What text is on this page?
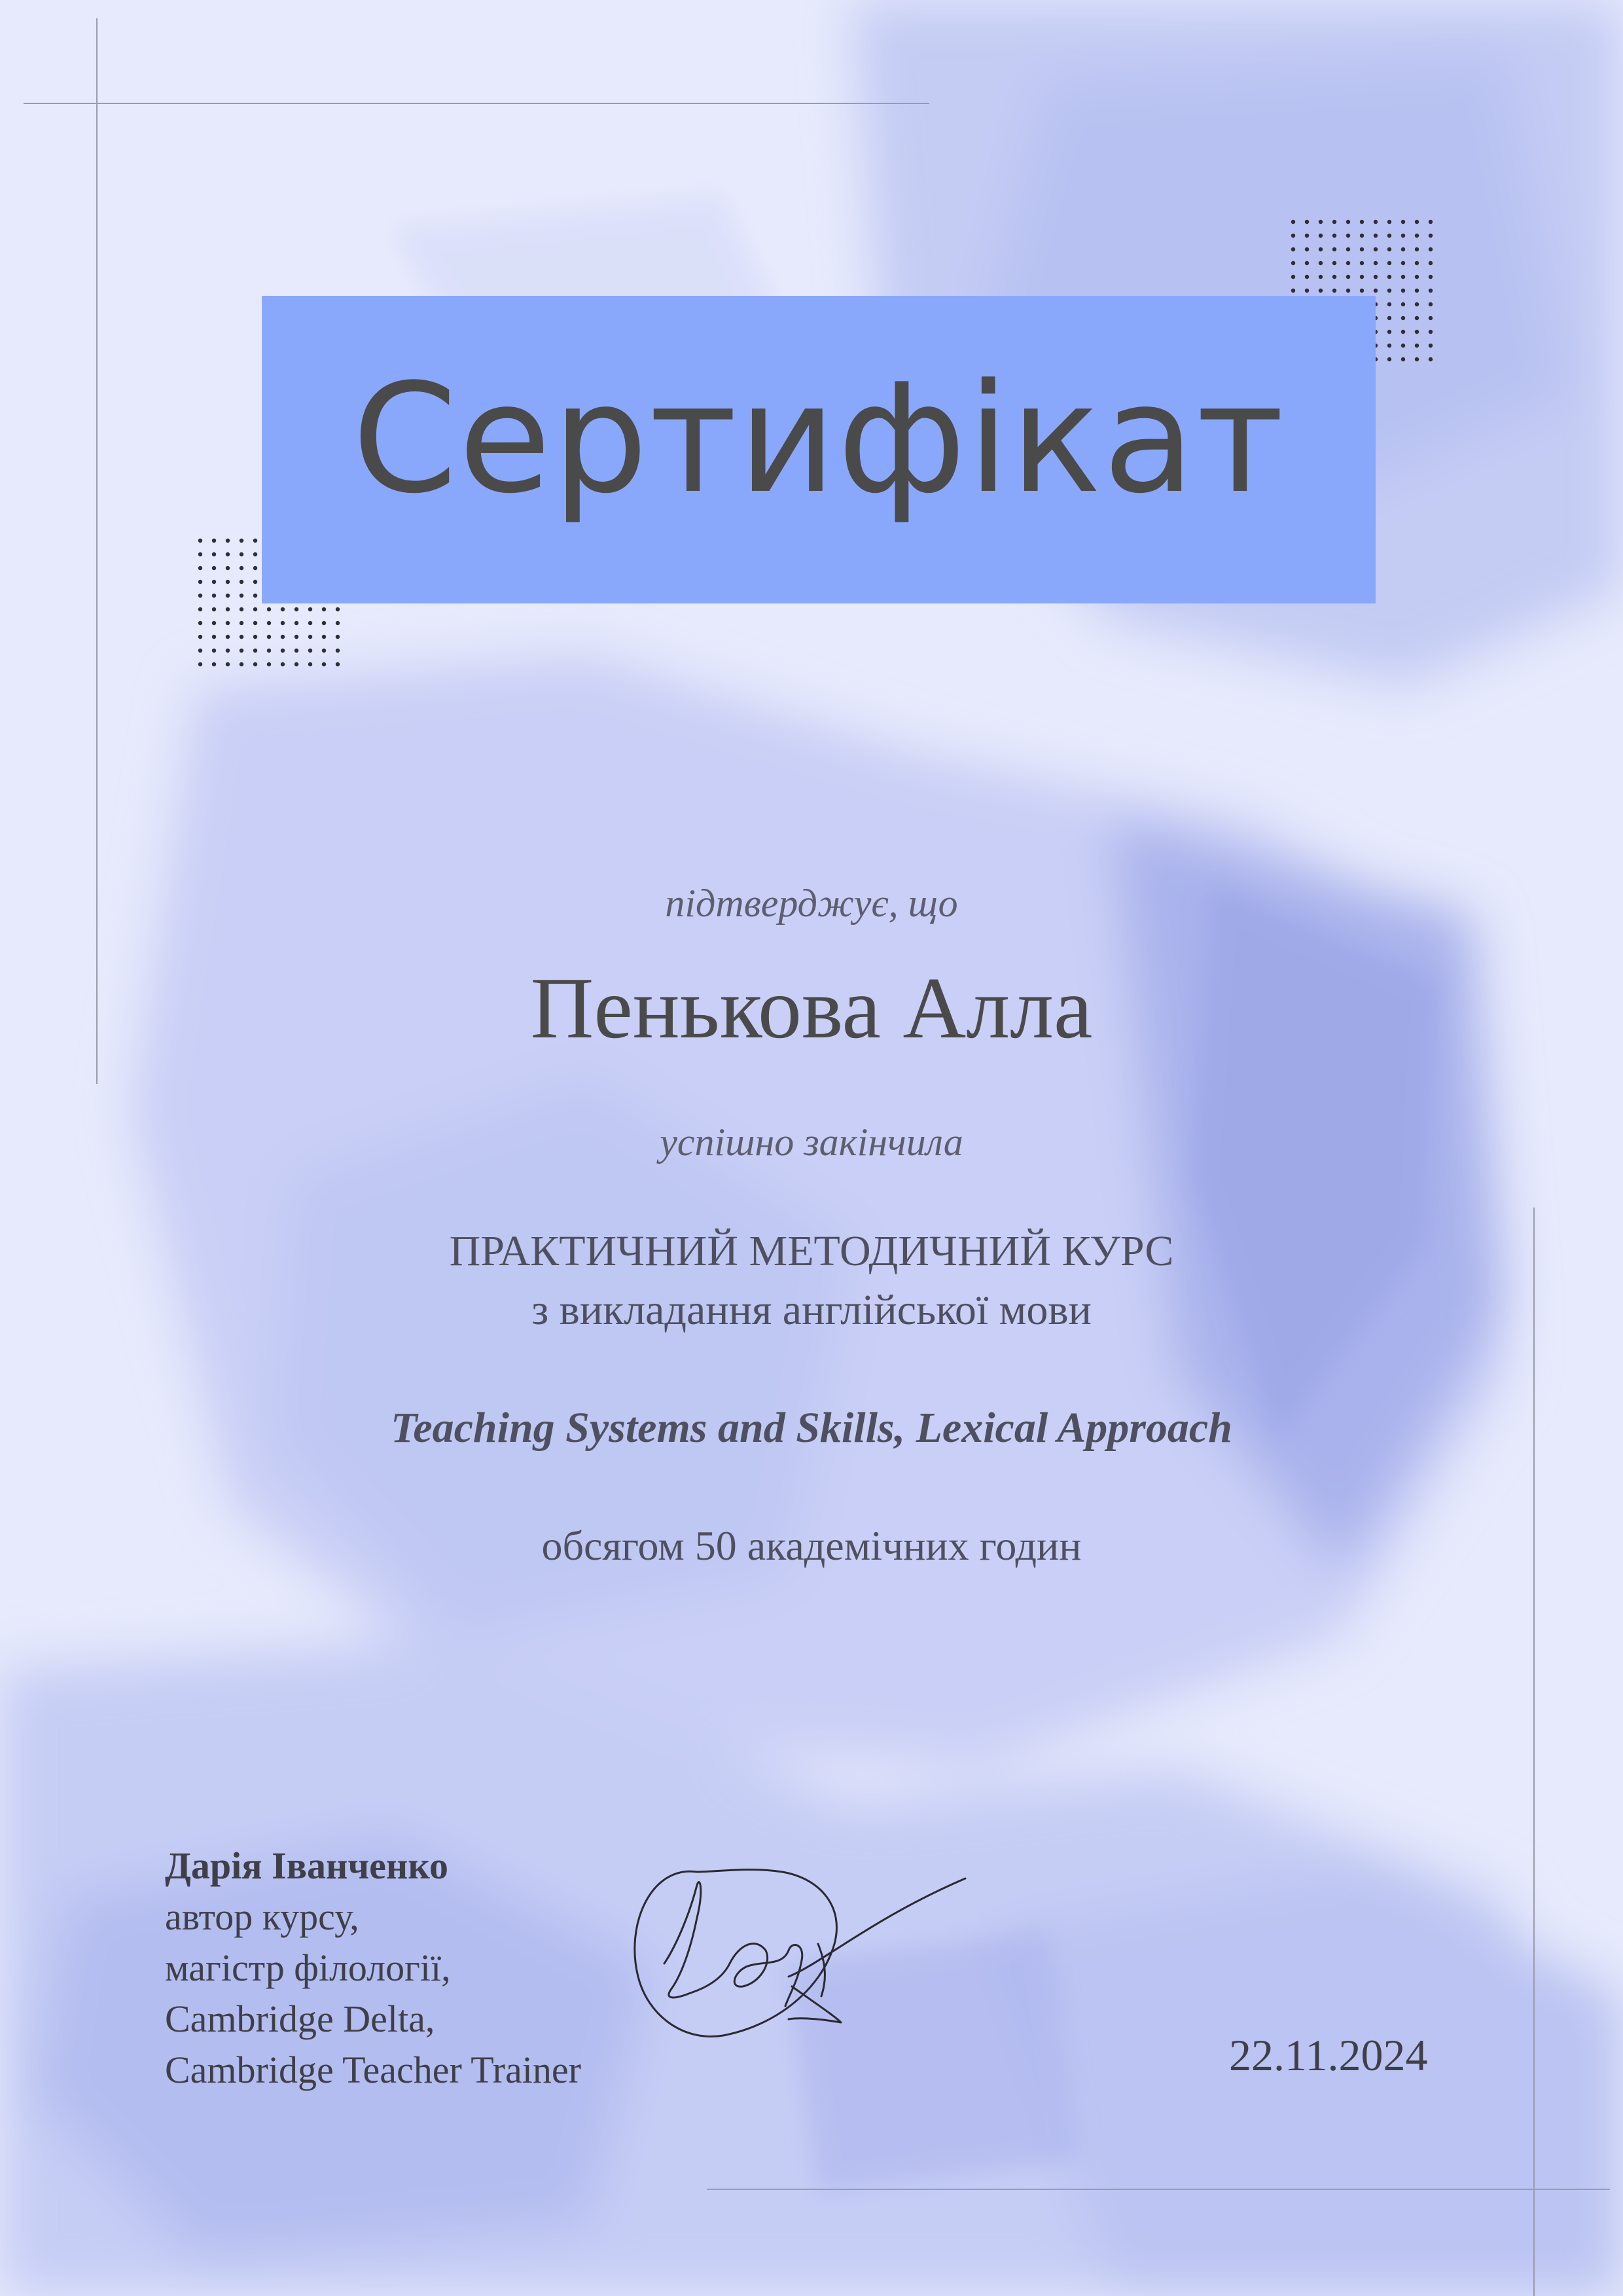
Сертифікат
підтверджує, що
Пенькова Алла
успішно закінчила
ПРАКТИЧНИЙ МЕТОДИЧНИЙ КУРС
з викладання англійської мови
Teaching Systems and Skills, Lexical Approach
обсягом 50 академічних годин
Дарія Іванченко
автор курсу,
магістр філології,
Cambridge Delta,
Cambridge Teacher Trainer	22.11.2024
